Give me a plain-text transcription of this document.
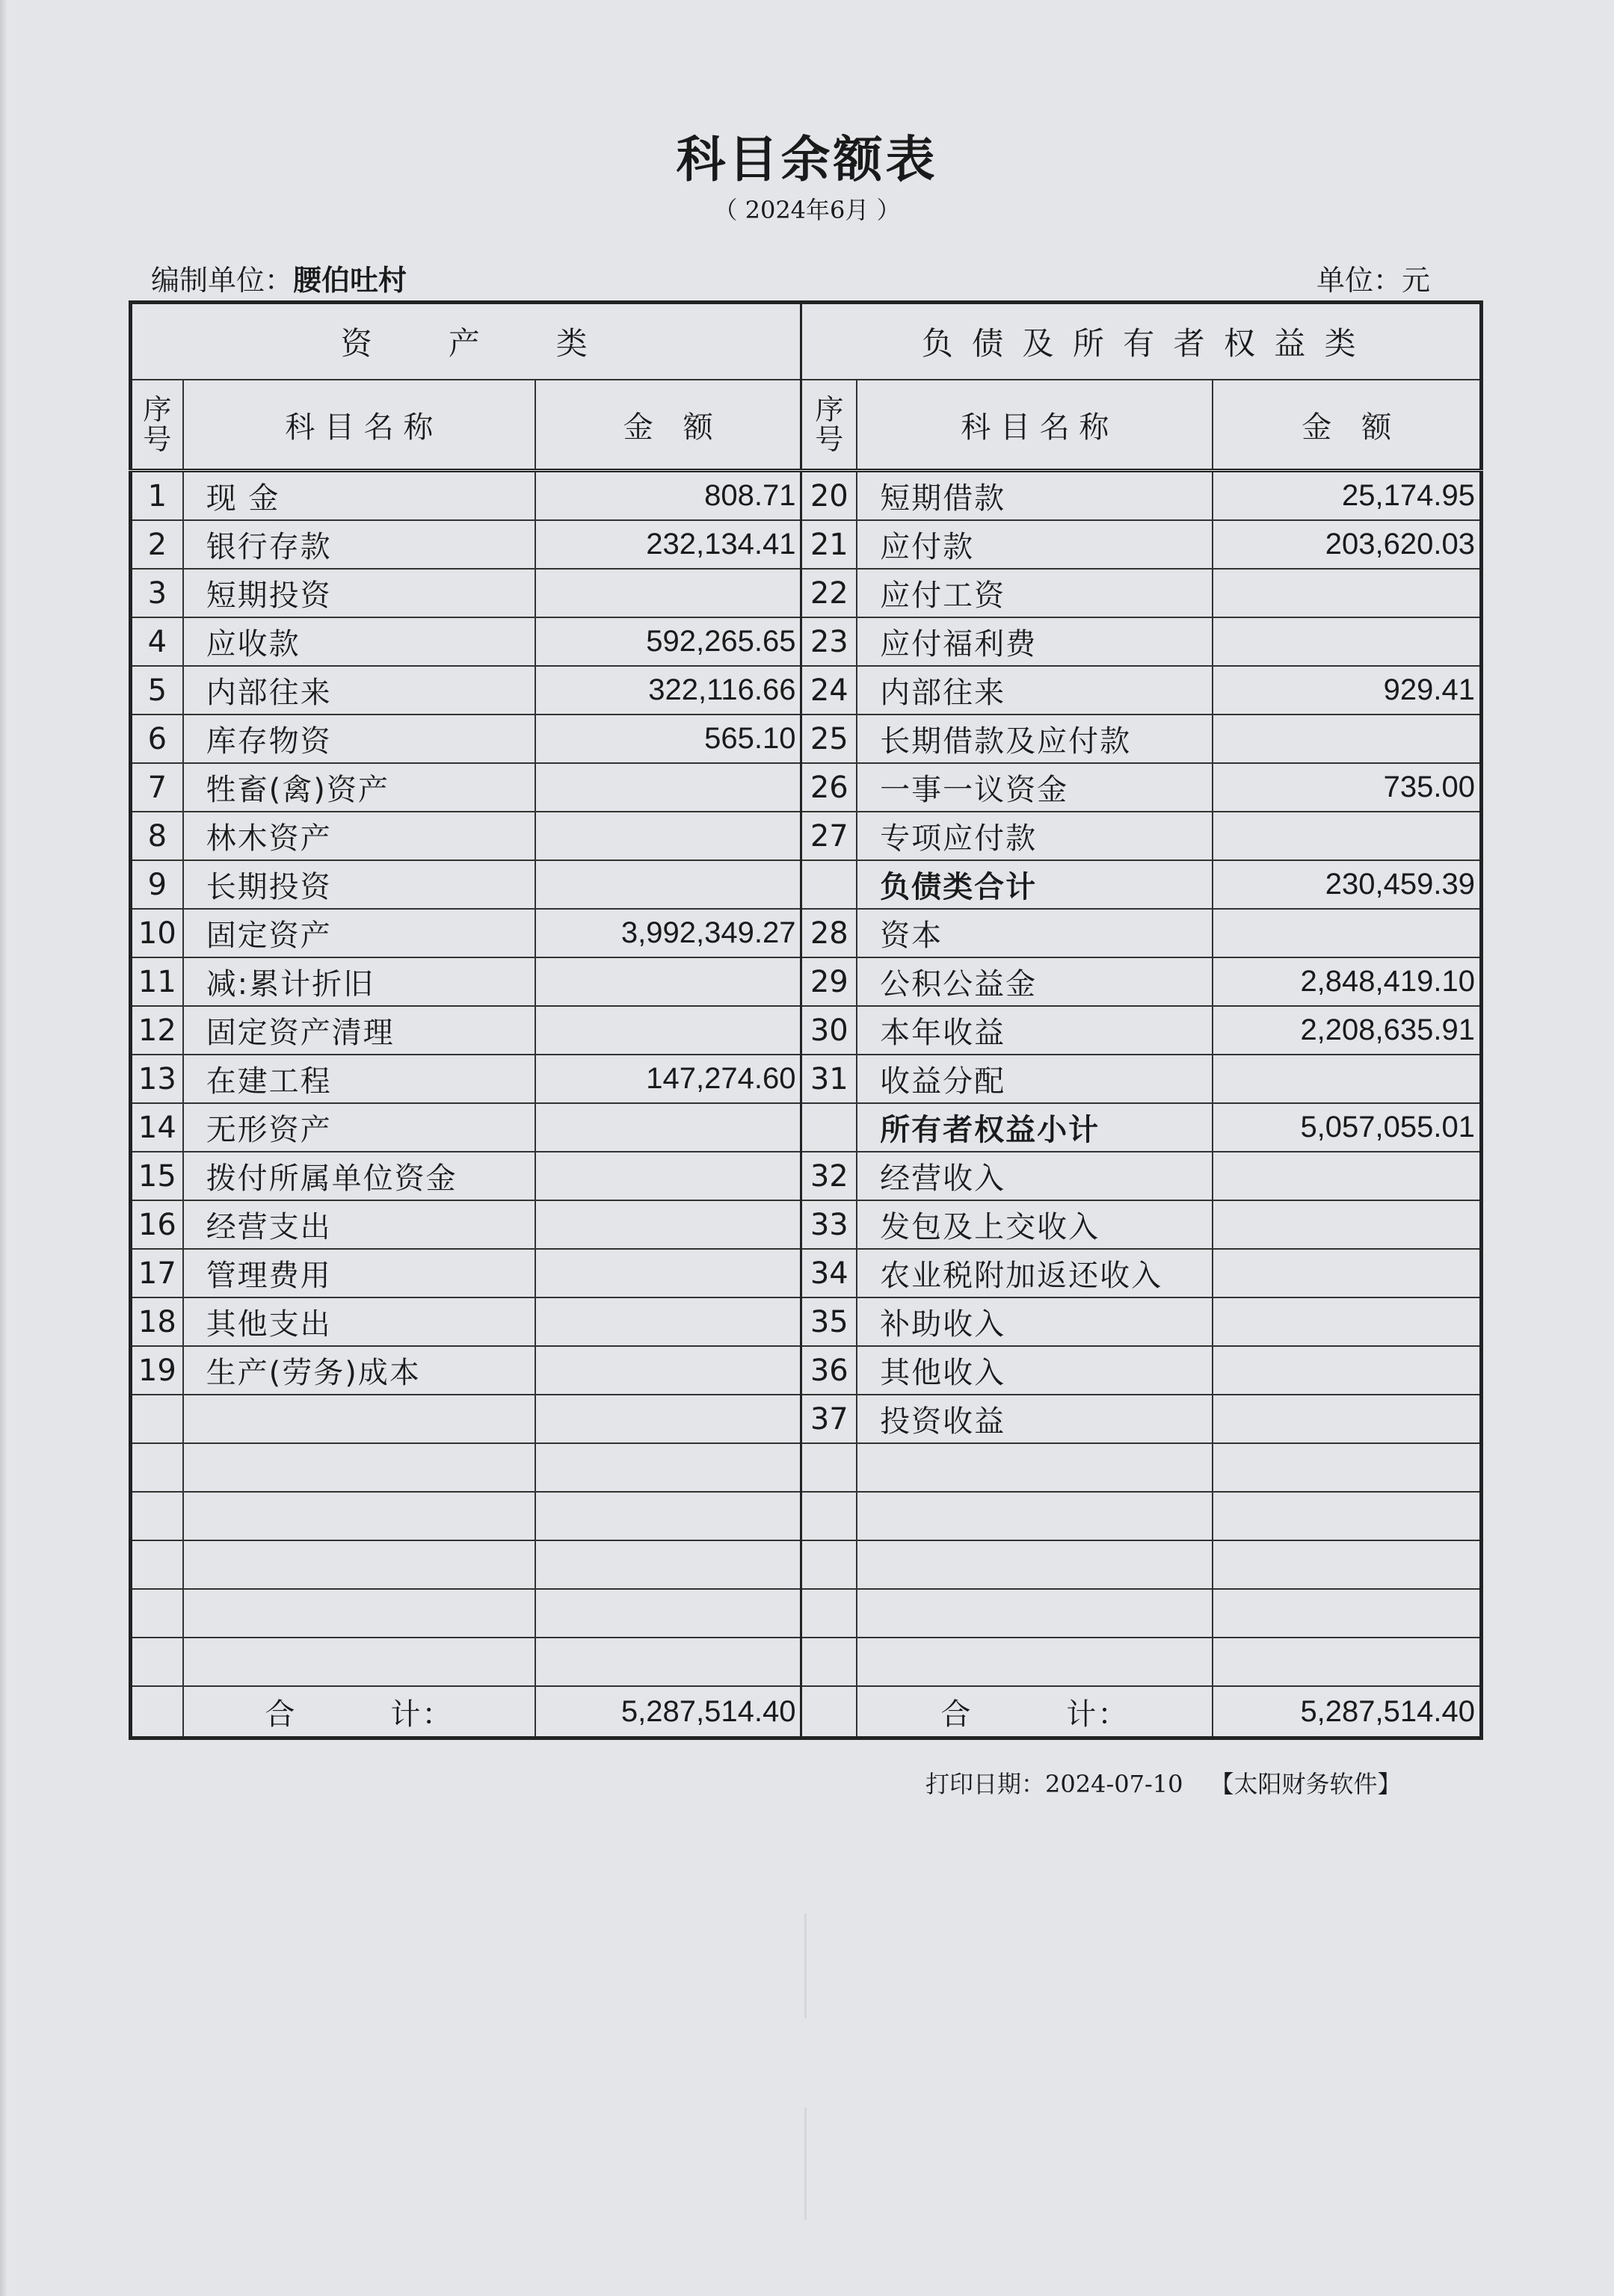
科目余额表
（ 2024年6月 ）
编制单位：腰伯吐村	单位：元
资　　产　　类			负 债 及 所 有 者 权 益 类		
序
号	科 目 名 称	金　额	序
号	科 目 名 称	金　额
1	现 金	808.71	20	短期借款	25,174.95
2	银行存款	232,134.41	21	应付款	203,620.03
3	短期投资		22	应付工资	
4	应收款	592,265.65	23	应付福利费	
5	内部往来	322,116.66	24	内部往来	929.41
6	库存物资	565.10	25	长期借款及应付款	
7	牲畜(禽)资产		26	一事一议资金	735.00
8	林木资产		27	专项应付款	
9	长期投资			负债类合计	230,459.39
10	固定资产	3,992,349.27	28	资本	
11	减:累计折旧		29	公积公益金	2,848,419.10
12	固定资产清理		30	本年收益	2,208,635.91
13	在建工程	147,274.60	31	收益分配	
14	无形资产			所有者权益小计	5,057,055.01
15	拨付所属单位资金		32	经营收入	
16	经营支出		33	发包及上交收入	
17	管理费用		34	农业税附加返还收入	
18	其他支出		35	补助收入	
19	生产(劳务)成本		36	其他收入	
			37	投资收益	

	合　　　计：	5,287,514.40		合　　　计：	5,287,514.40
打印日期：2024-07-10 【太阳财务软件】
